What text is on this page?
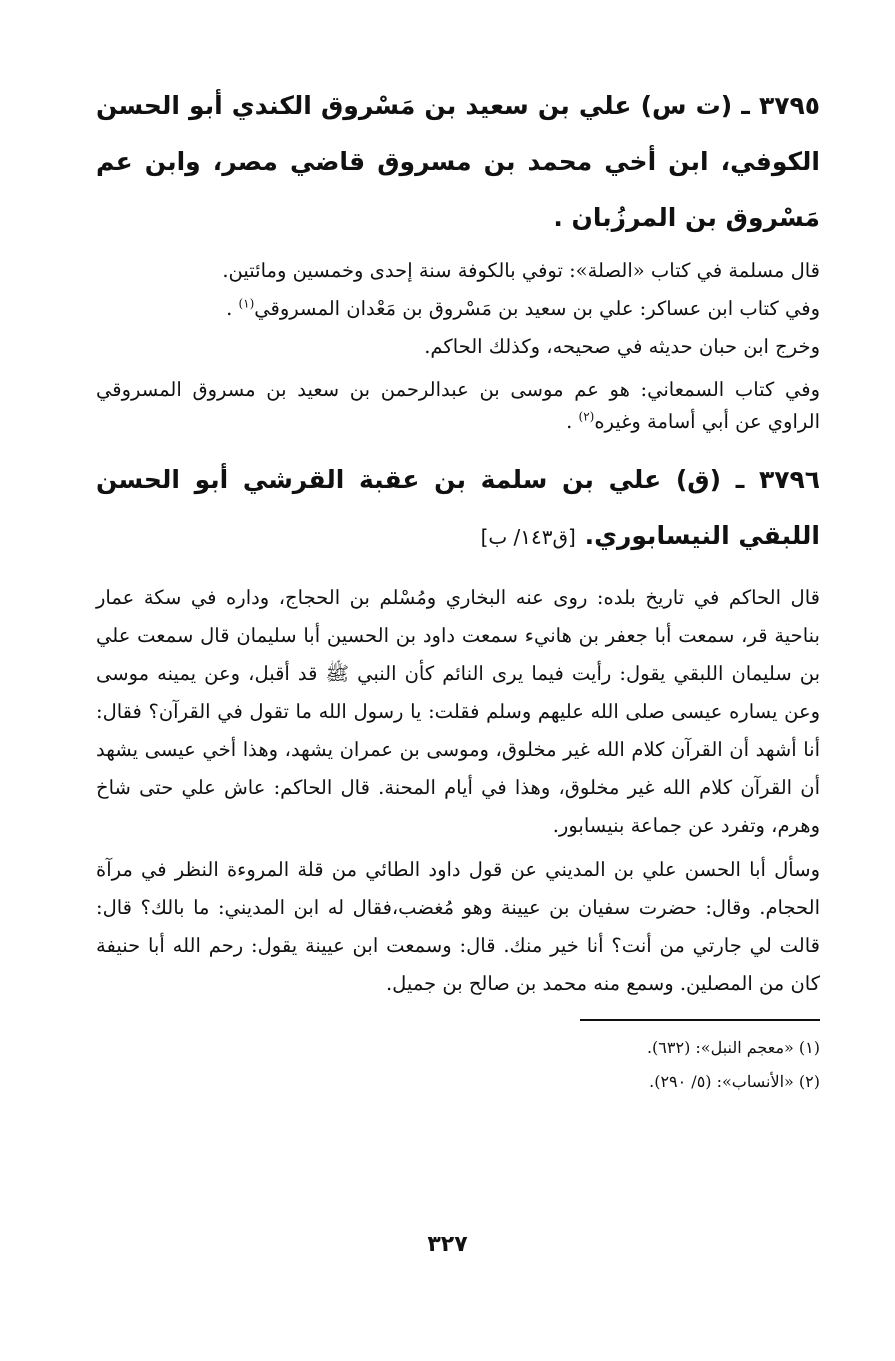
٣٧٩٥ ـ (ت س) علي بن سعيد بن مَسْروق الكندي أبو الحسن الكوفي، ابن أخي محمد بن مسروق قاضي مصر، وابن عم مَسْروق بن المرزُبان .

قال مسلمة في كتاب «الصلة»: توفي بالكوفة سنة إحدى وخمسين ومائتين.

وفي كتاب ابن عساكر: علي بن سعيد بن مَسْروق بن مَعْدان المسروقي$^{(١)}$ .

وخرج ابن حبان حديثه في صحيحه، وكذلك الحاكم.

وفي كتاب السمعاني: هو عم موسى بن عبدالرحمن بن سعيد بن مسروق المسروقي الراوي عن أبي أسامة وغيره$^{(٢)}$ .

٣٧٩٦ ـ (ق) علي بن سلمة بن عقبة القرشي أبو الحسن اللبقي النيسابوري. [ق١٤٣/ ب]

قال الحاكم في تاريخ بلده: روى عنه البخاري ومُسْلم بن الحجاج، وداره في سكة عمار بناحية قر، سمعت أبا جعفر بن هانيء سمعت داود بن الحسين أبا سليمان قال سمعت علي بن سليمان اللبقي يقول: رأيت فيما يرى النائم كأن النبي ﷺ قد أقبل، وعن يمينه موسى وعن يساره عيسى صلى الله عليهم وسلم فقلت: يا رسول الله ما تقول في القرآن؟ فقال: أنا أشهد أن القرآن كلام الله غير مخلوق، وموسى بن عمران يشهد، وهذا أخي عيسى يشهد أن القرآن كلام الله غير مخلوق، وهذا في أيام المحنة. قال الحاكم: عاش علي حتى شاخ وهرم، وتفرد عن جماعة بنيسابور.

وسأل أبا الحسن علي بن المديني عن قول داود الطائي من قلة المروءة النظر في مرآة الحجام. وقال: حضرت سفيان بن عيينة وهو مُغضب،فقال له ابن المديني: ما بالك؟ قال: قالت لي جارتي من أنت؟ أنا خير منك. قال: وسمعت ابن عيينة يقول: رحم الله أبا حنيفة كان من المصلين. وسمع منه محمد بن صالح بن جميل.

(١) «معجم النبل»: (٦٣٢).

(٢) «الأنساب»: (٥/ ٢٩٠).

٣٢٧
